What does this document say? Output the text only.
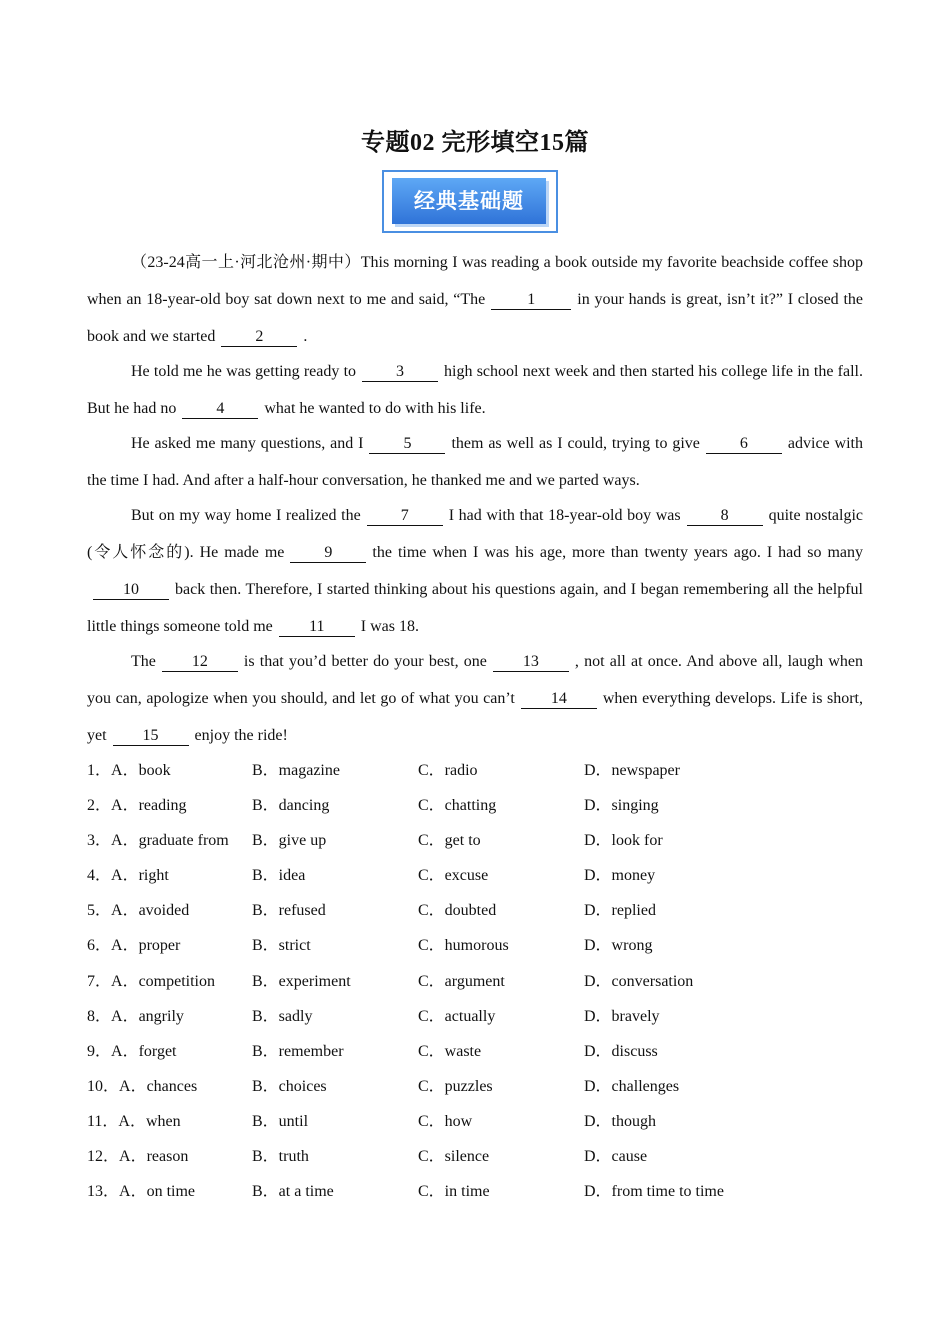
专题02 完形填空15篇
经典基础题

（23-24高一上·河北沧州·期中）This morning I was reading a book outside my favorite beachside coffee shop when an 18-year-old boy sat down next to me and said, “The	1	in your hands is great, isn’t it?” I closed the book and we started	2	.

He told me he was getting ready to	3	high school next week and then started his college life in the fall. But he had no	4	what he wanted to do with his life.

He asked me many questions, and I	5	them as well as I could, trying to give	6	advice with the time I had. And after a half-hour conversation, he thanked me and we parted ways.

But on my way home I realized the	7	I had with that 18-year-old boy was	8	quite nostalgic (令人怀念的). He made me	9	the time when I was his age, more than twenty years ago. I had so many10 back then. Therefore, I started thinking about his questions again, and I began remembering all the helpful little things someone told me 11 I was 18.

The 12 is that you’d better do your best, one 13 , not all at once. And above all, laugh when you can, apologize when you should, and let go of what you can’t 14 when everything develops. Life is short, yet 15 enjoy the ride!

1．A．book	B．magazine	C．radio	D．newspaper
2．A．reading	B．dancing	C．chatting	D．singing
3．A．graduate from B．give up	C．get to	D．look for
4．A．right	B．idea	C．excuse	D．money
5．A．avoided	B．refused	C．doubted	D．replied
6．A．proper	B．strict	C．humorous	D．wrong
7．A．competition B．experiment	C．argument	D．conversation
8．A．angrily	B．sadly	C．actually	D．bravely
9．A．forget	B．remember	C．waste	D．discuss
10．A．chances	B．choices	C．puzzles	D．challenges
11．A．when	B．until	C．how	D．though
12．A．reason	B．truth	C．silence	D．cause
13．A．on time	B．at a time	C．in time	D．from time to time
